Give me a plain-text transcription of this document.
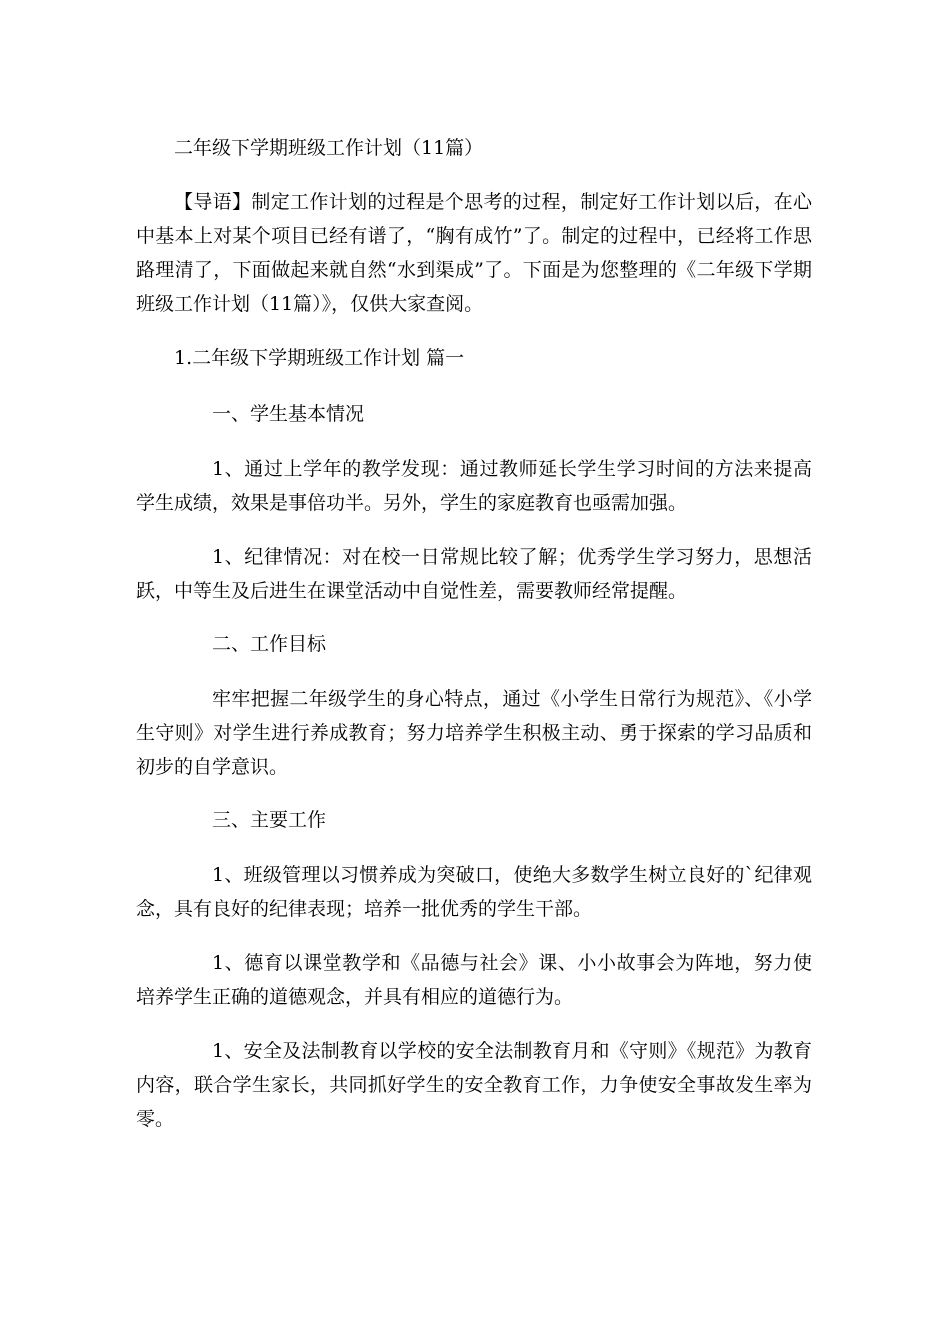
二年级下学期班级工作计划（11篇）

【导语】制定工作计划的过程是个思考的过程，制定好工作计划以后，在心中基本上对某个项目已经有谱了，“胸有成竹”了。制定的过程中，已经将工作思路理清了，下面做起来就自然“水到渠成”了。下面是为您整理的《二年级下学期班级工作计划（11篇）》，仅供大家查阅。

1.二年级下学期班级工作计划 篇一

一、学生基本情况

1、通过上学年的教学发现：通过教师延长学生学习时间的方法来提高学生成绩，效果是事倍功半。另外，学生的家庭教育也亟需加强。

1、纪律情况：对在校一日常规比较了解；优秀学生学习努力，思想活跃，中等生及后进生在课堂活动中自觉性差，需要教师经常提醒。

二、工作目标

牢牢把握二年级学生的身心特点，通过《小学生日常行为规范》、《小学生守则》对学生进行养成教育；努力培养学生积极主动、勇于探索的学习品质和初步的自学意识。

三、主要工作

1、班级管理以习惯养成为突破口，使绝大多数学生树立良好的`纪律观念，具有良好的纪律表现；培养一批优秀的学生干部。

1、德育以课堂教学和《品德与社会》课、小小故事会为阵地，努力使培养学生正确的道德观念，并具有相应的道德行为。

1、安全及法制教育以学校的安全法制教育月和《守则》《规范》为教育内容，联合学生家长，共同抓好学生的安全教育工作，力争使安全事故发生率为零。
